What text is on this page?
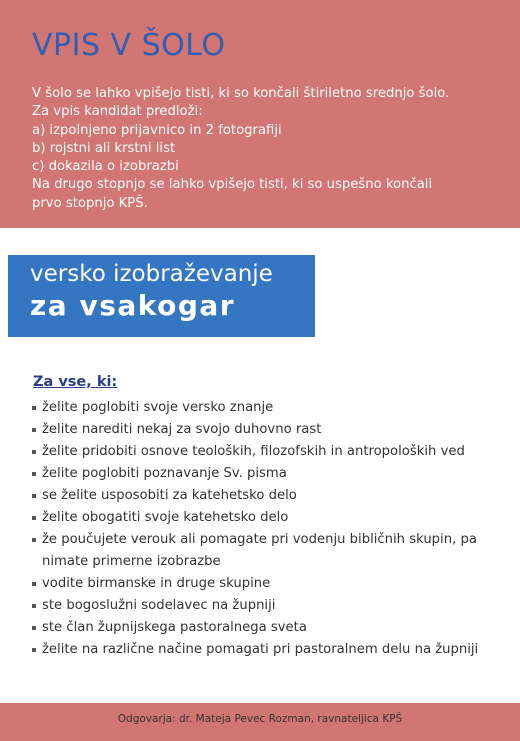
VPIS V ŠOLO
V šolo se lahko vpišejo tisti, ki so končali štiriletno srednjo šolo.
Za vpis kandidat predloži:
a) izpolnjeno prijavnico in 2 fotografiji
b) rojstni ali krstni list
c) dokazila o izobrazbi
Na drugo stopnjo se lahko vpišejo tisti, ki so uspešno končali
prvo stopnjo KPŠ.
versko izobraževanje
za vsakogar
Za vse, ki:
želite poglobiti svoje versko znanje
želite narediti nekaj za svojo duhovno rast
želite pridobiti osnove teoloških, filozofskih in antropoloških ved
želite poglobiti poznavanje Sv. pisma
se želite usposobiti za katehetsko delo
želite obogatiti svoje katehetsko delo
že poučujete verouk ali pomagate pri vodenju bibličnih skupin, pa
nimate primerne izobrazbe
vodite birmanske in druge skupine
ste bogoslužni sodelavec na župniji
ste član župnijskega pastoralnega sveta
želite na različne načine pomagati pri pastoralnem delu na župniji
Odgovarja: dr. Mateja Pevec Rozman, ravnateljica KPŠ
